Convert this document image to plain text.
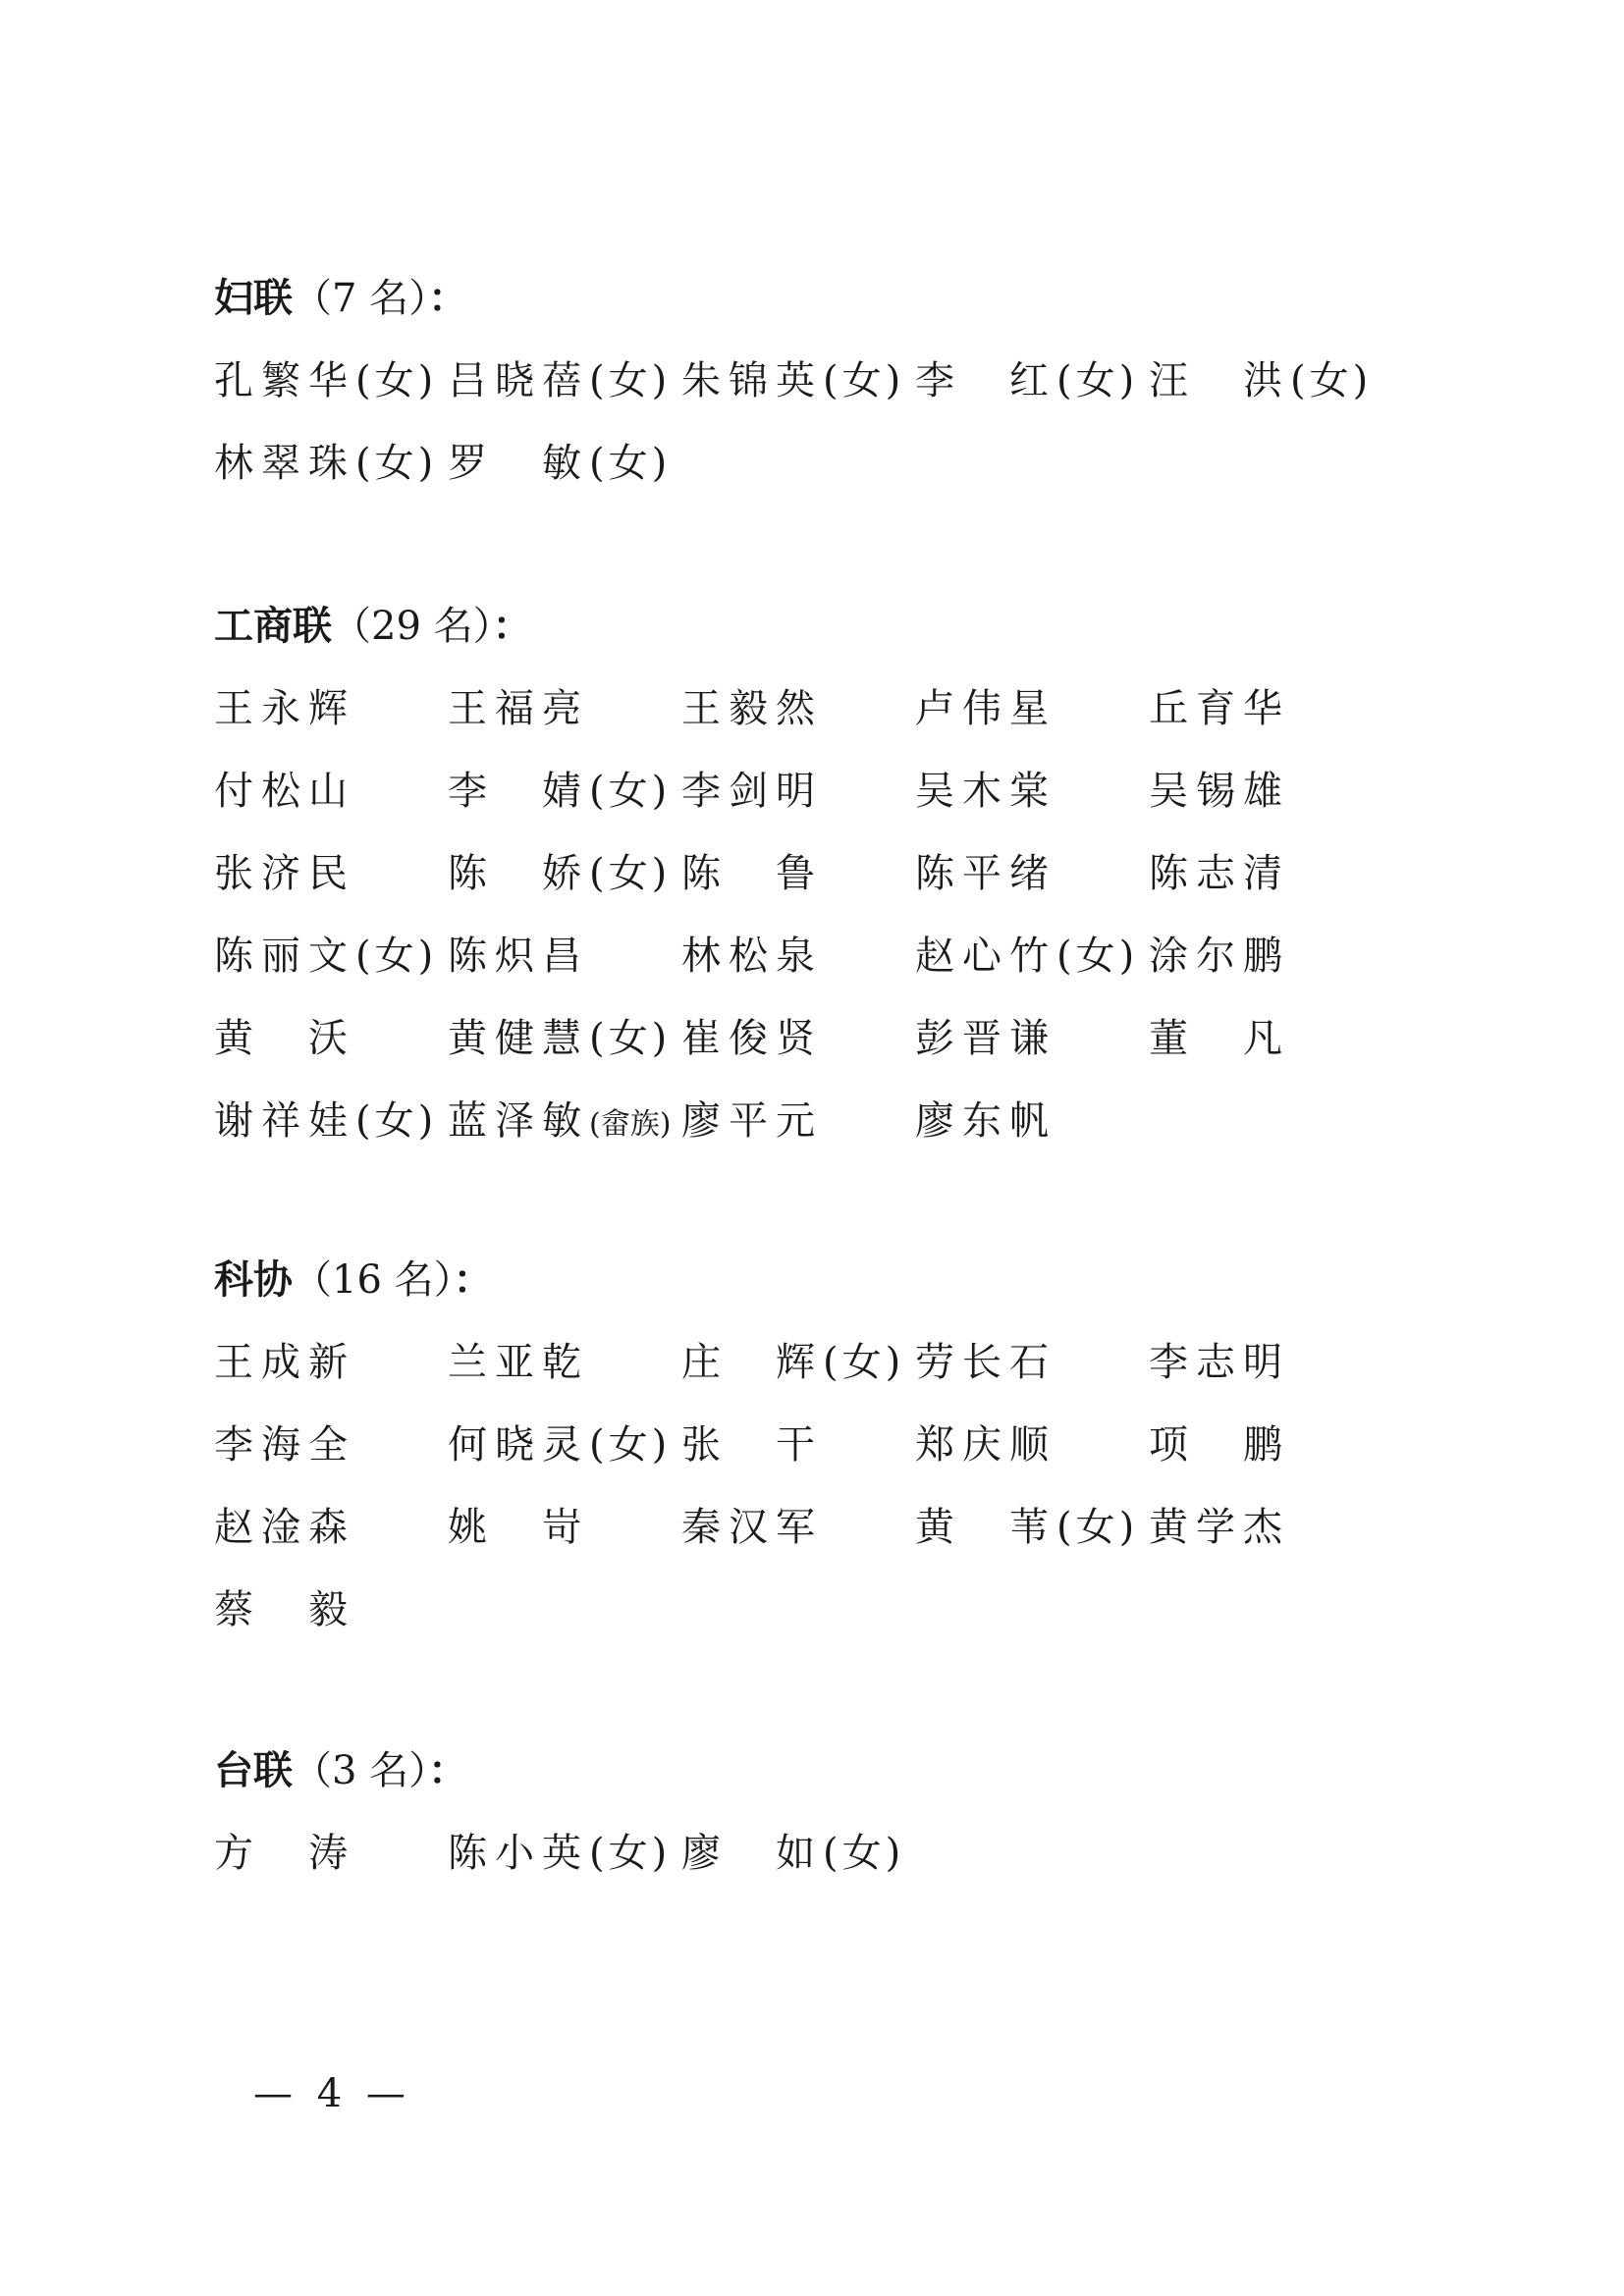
妇联（7 名）：
孔繁华(女) 吕晓蓓(女) 朱锦英(女) 李　红(女) 汪　洪(女)
林翠珠(女) 罗　敏(女)
工商联（29 名）：
王永辉	王福亮	王毅然	卢伟星	丘育华
付松山	李　婧(女) 李剑明	吴木棠	吴锡雄
张济民	陈　娇(女) 陈　鲁	陈平绪	陈志清
陈丽文(女) 陈炽昌	林松泉	赵心竹(女) 涂尔鹏
黄　沃	黄健慧(女) 崔俊贤	彭晋谦	董　凡
谢祥娃(女) 蓝泽敏(畲族) 廖平元	廖东帆
科协（16 名）：
王成新	兰亚乾	庄　辉(女) 劳长石	李志明
李海全	何晓灵(女) 张　干	郑庆顺	项　鹏
赵淦森	姚　岢	秦汉军	黄　苇(女) 黄学杰
蔡　毅
台联（3 名）：
方　涛	陈小英(女) 廖　如(女)
— 4 —
